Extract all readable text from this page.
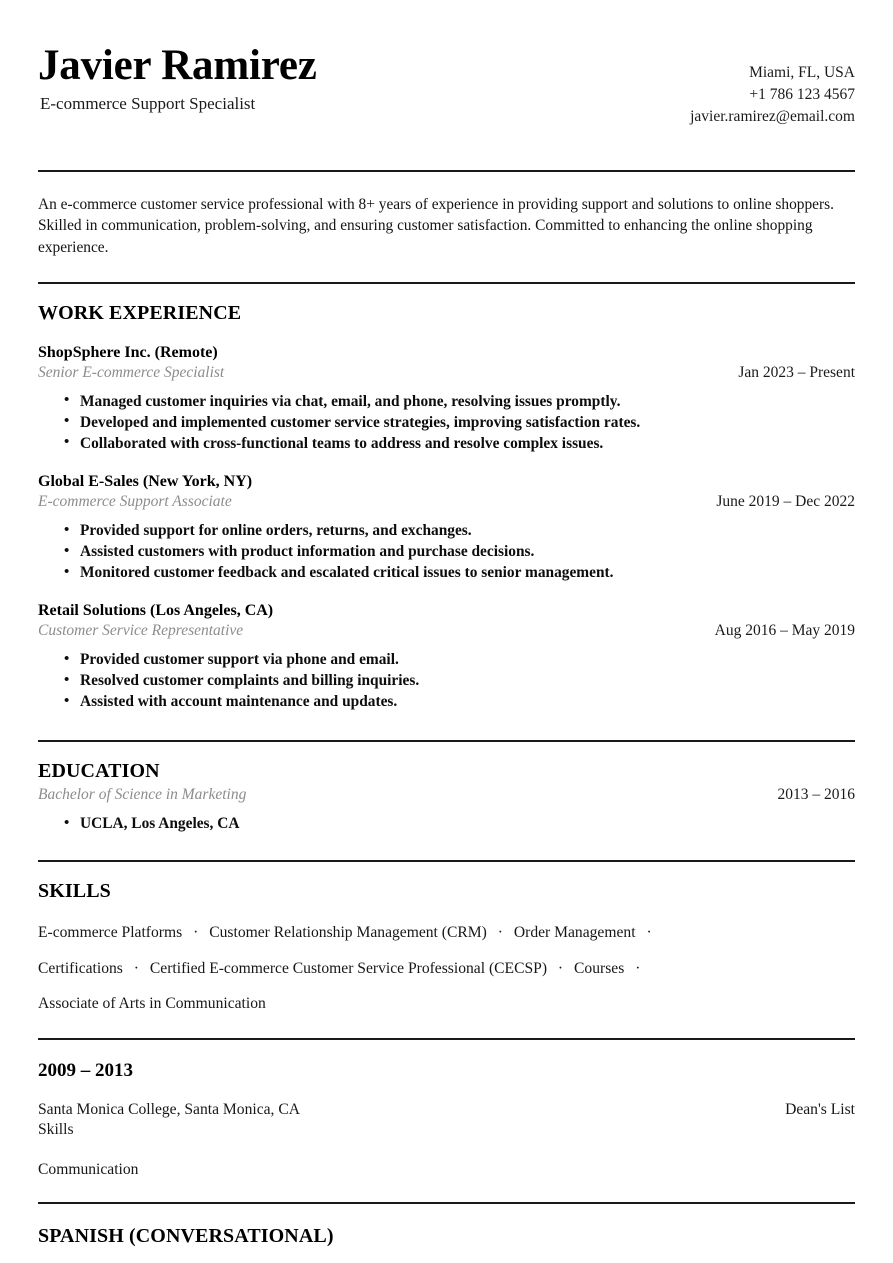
Javier Ramirez
E-commerce Support Specialist
Miami, FL, USA
+1 786 123 4567
javier.ramirez@email.com

An e-commerce customer service professional with 8+ years of experience in providing support and solutions to online shoppers. Skilled in communication, problem-solving, and ensuring customer satisfaction. Committed to enhancing the online shopping experience.

WORK EXPERIENCE
ShopSphere Inc. (Remote)
Senior E-commerce Specialist	Jan 2023 – Present
• Managed customer inquiries via chat, email, and phone, resolving issues promptly.
• Developed and implemented customer service strategies, improving satisfaction rates.
• Collaborated with cross-functional teams to address and resolve complex issues.
Global E-Sales (New York, NY)
E-commerce Support Associate	June 2019 – Dec 2022
• Provided support for online orders, returns, and exchanges.
• Assisted customers with product information and purchase decisions.
• Monitored customer feedback and escalated critical issues to senior management.
Retail Solutions (Los Angeles, CA)
Customer Service Representative	Aug 2016 – May 2019
• Provided customer support via phone and email.
• Resolved customer complaints and billing inquiries.
• Assisted with account maintenance and updates.
EDUCATION
Bachelor of Science in Marketing	2013 – 2016
• UCLA, Los Angeles, CA
SKILLS
E-commerce Platforms · Customer Relationship Management (CRM) · Order Management ·
Certifications · Certified E-commerce Customer Service Professional (CECSP) · Courses ·
Associate of Arts in Communication
2009 – 2013
Santa Monica College, Santa Monica, CA	Dean's List
Skills
Communication
SPANISH (CONVERSATIONAL)
